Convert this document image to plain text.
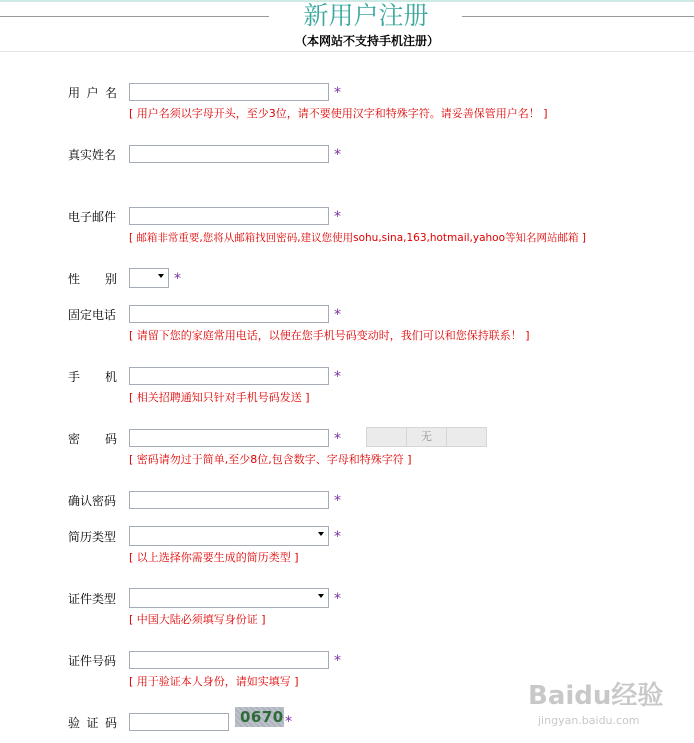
新用户注册
（本网站不支持手机注册）
用 户 名	*
[ 用户名须以字母开头，至少3位，请不要使用汉字和特殊字符。请妥善保管用户名！ ]
真实姓名	*
电子邮件	*
[ 邮箱非常重要,您将从邮箱找回密码,建议您使用sohu,sina,163,hotmail,yahoo等知名网站邮箱 ]
性 别	*
固定电话	*
[ 请留下您的家庭常用电话，以便在您手机号码变动时，我们可以和您保持联系！ ]
手 机	*
[ 相关招聘通知只针对手机号码发送 ]
密 码	*	无
[ 密码请勿过于简单,至少8位,包含数字、字母和特殊字符 ]
确认密码	*
简历类型	*
[ 以上选择你需要生成的简历类型 ]
证件类型	*
[ 中国大陆必须填写身份证 ]
证件号码	*
[ 用于验证本人身份，请如实填写 ]
验 证 码	0670 *
Baidu经验
jingyan.baidu.com
